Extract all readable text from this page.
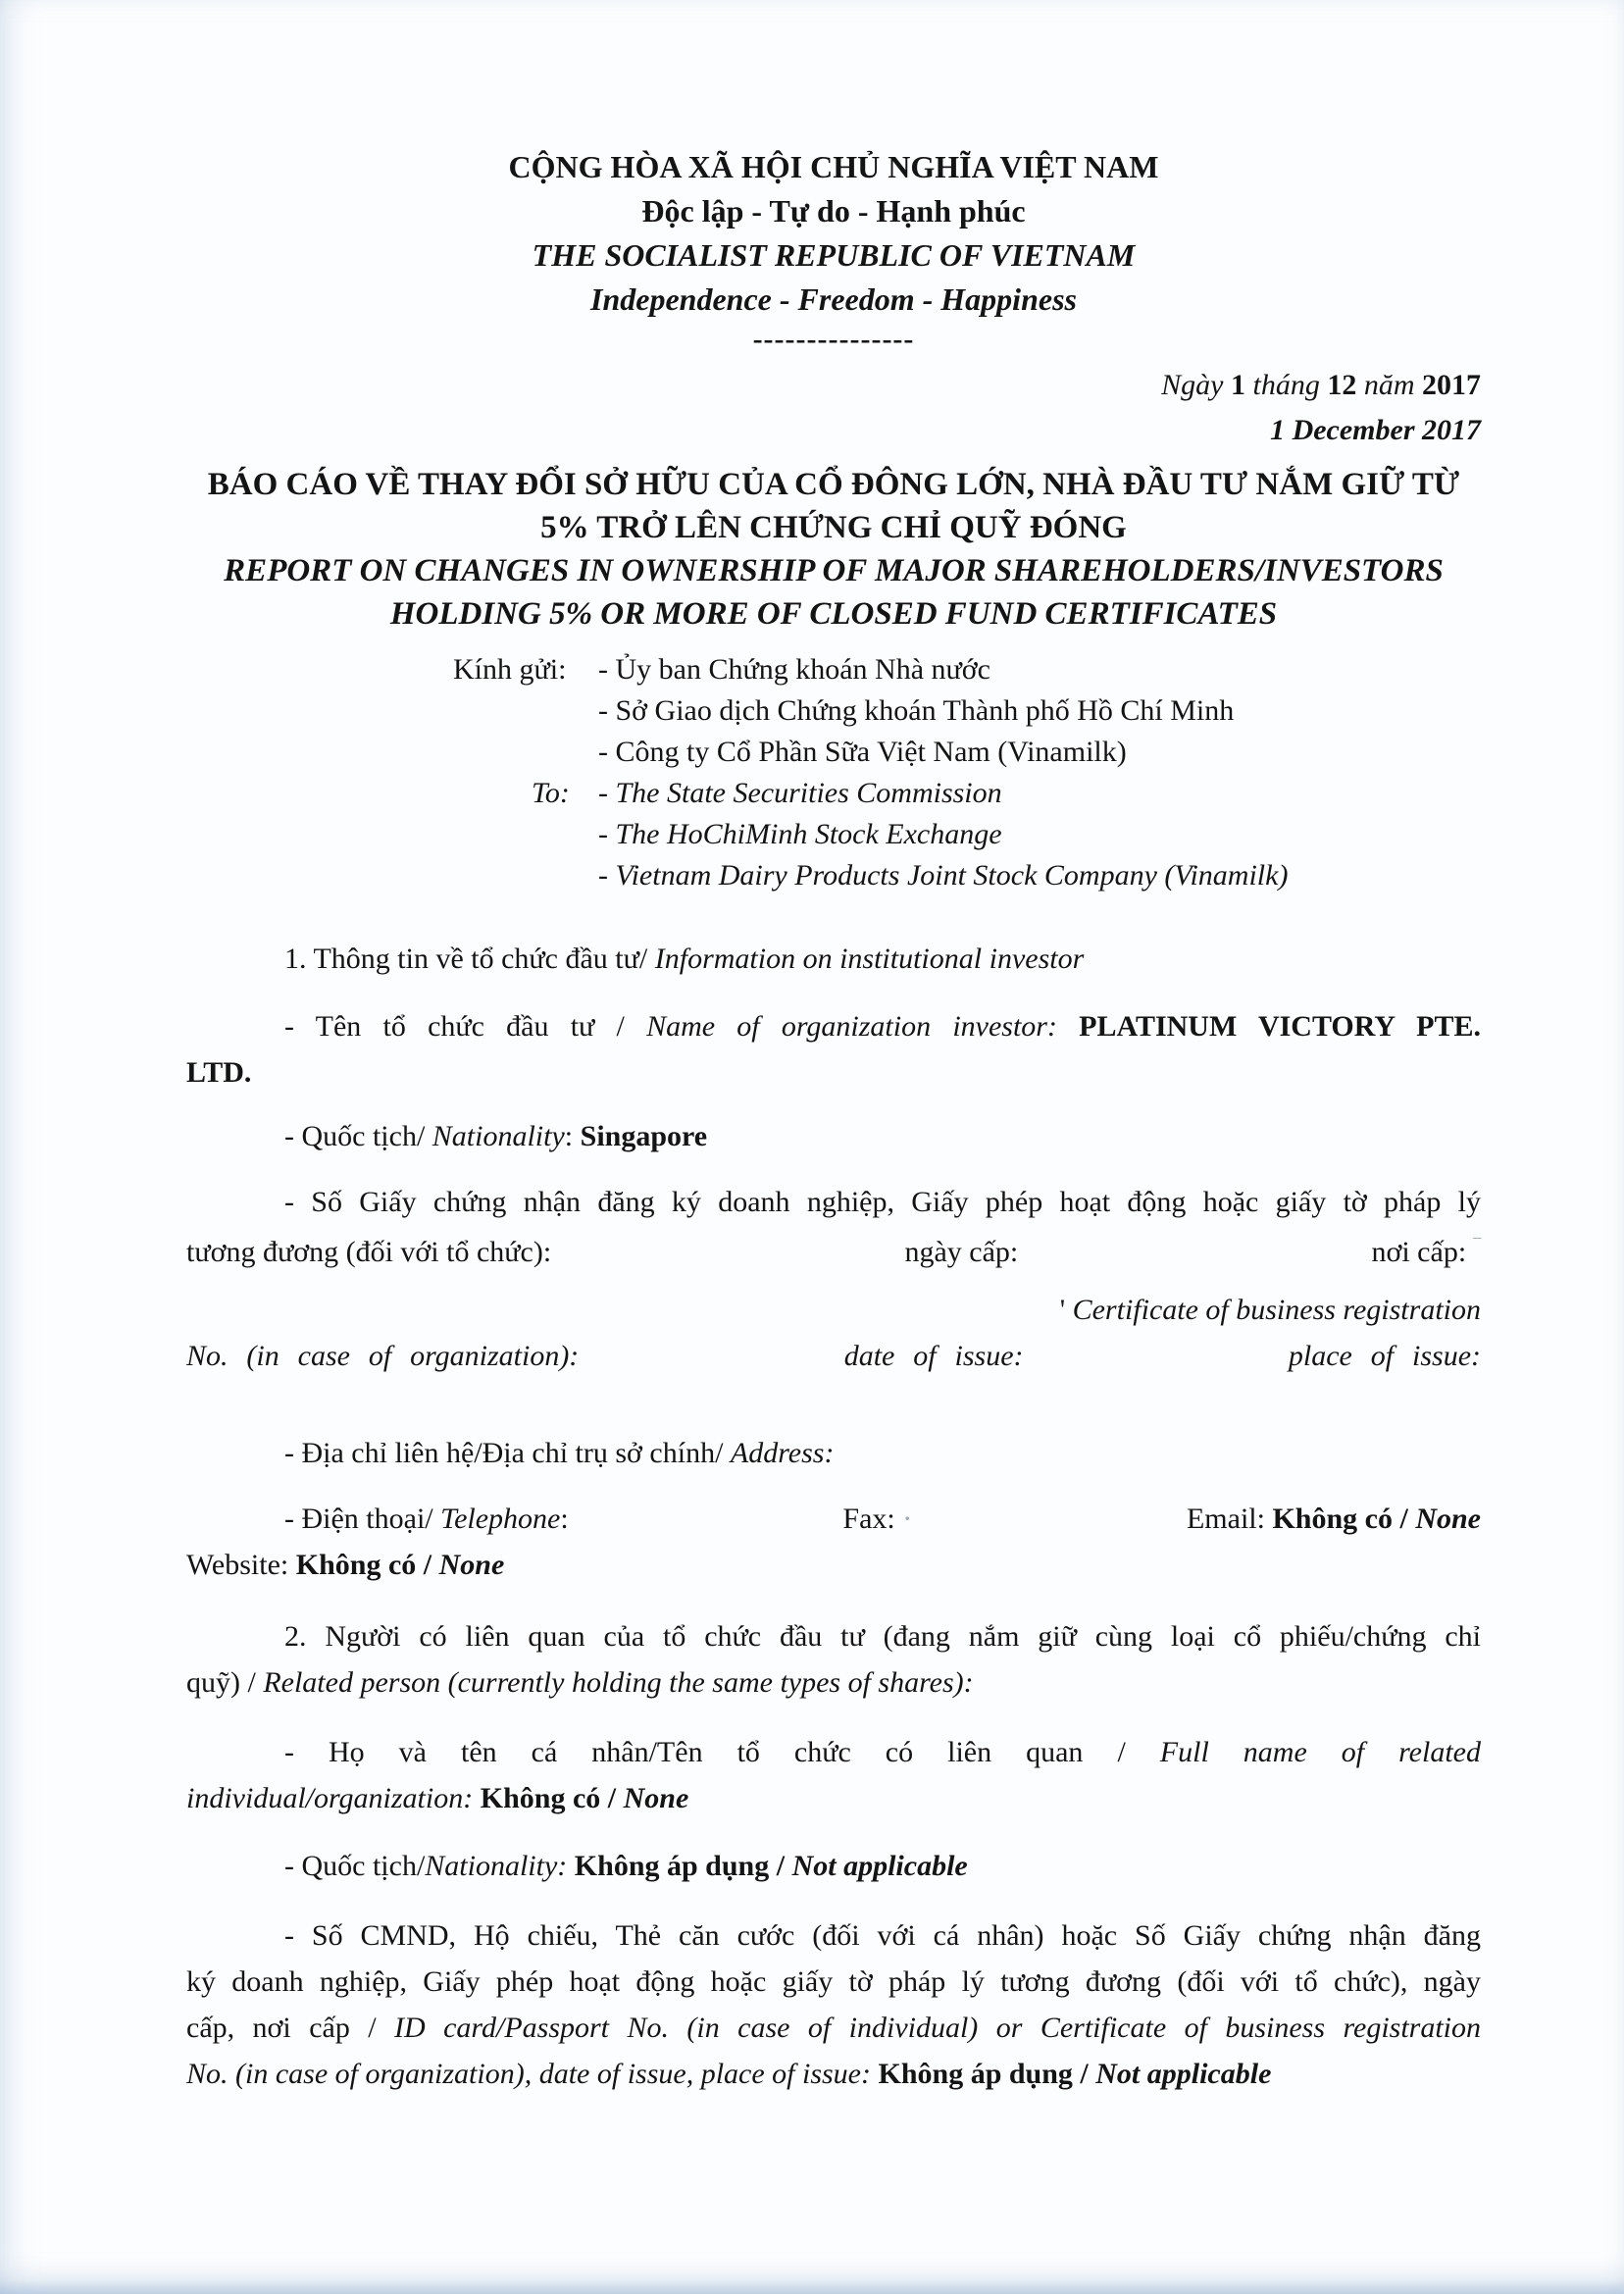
CỘNG HÒA XÃ HỘI CHỦ NGHĨA VIỆT NAM
Độc lập - Tự do - Hạnh phúc
THE SOCIALIST REPUBLIC OF VIETNAM
Independence - Freedom - Happiness
---------------
Ngày 1 tháng 12 năm 2017
1 December 2017
BÁO CÁO VỀ THAY ĐỔI SỞ HỮU CỦA CỔ ĐÔNG LỚN, NHÀ ĐẦU TƯ NẮM GIỮ TỪ
5% TRỞ LÊN CHỨNG CHỈ QUỸ ĐÓNG
REPORT ON CHANGES IN OWNERSHIP OF MAJOR SHAREHOLDERS/INVESTORS
HOLDING 5% OR MORE OF CLOSED FUND CERTIFICATES
Kính gửi:	- Ủy ban Chứng khoán Nhà nước
- Sở Giao dịch Chứng khoán Thành phố Hồ Chí Minh
- Công ty Cổ Phần Sữa Việt Nam (Vinamilk)
To: - The State Securities Commission
- The HoChiMinh Stock Exchange
- Vietnam Dairy Products Joint Stock Company (Vinamilk)
1. Thông tin về tổ chức đầu tư/ Information on institutional investor
- Tên tổ chức đầu tư / Name of organization investor: PLATINUM VICTORY PTE.
LTD.
- Quốc tịch/ Nationality: Singapore
- Số Giấy chứng nhận đăng ký doanh nghiệp, Giấy phép hoạt động hoặc giấy tờ pháp lý
tương đương (đối với tổ chức):	ngày cấp:	nơi cấp: ‾
' Certificate of business registration
No. (in case of organization):	date of issue:	place of issue:
- Địa chỉ liên hệ/Địa chỉ trụ sở chính/ Address:
- Điện thoại/ Telephone:	Fax: ·	Email: Không có / None
Website: Không có / None
2. Người có liên quan của tổ chức đầu tư (đang nắm giữ cùng loại cổ phiếu/chứng chỉ
quỹ) / Related person (currently holding the same types of shares):
- Họ và tên cá nhân/Tên tổ chức có liên quan / Full name of related
individual/organization: Không có / None
- Quốc tịch/Nationality: Không áp dụng / Not applicable
- Số CMND, Hộ chiếu, Thẻ căn cước (đối với cá nhân) hoặc Số Giấy chứng nhận đăng
ký doanh nghiệp, Giấy phép hoạt động hoặc giấy tờ pháp lý tương đương (đối với tổ chức), ngày
cấp, nơi cấp / ID card/Passport No. (in case of individual) or Certificate of business registration
No. (in case of organization), date of issue, place of issue: Không áp dụng / Not applicable
